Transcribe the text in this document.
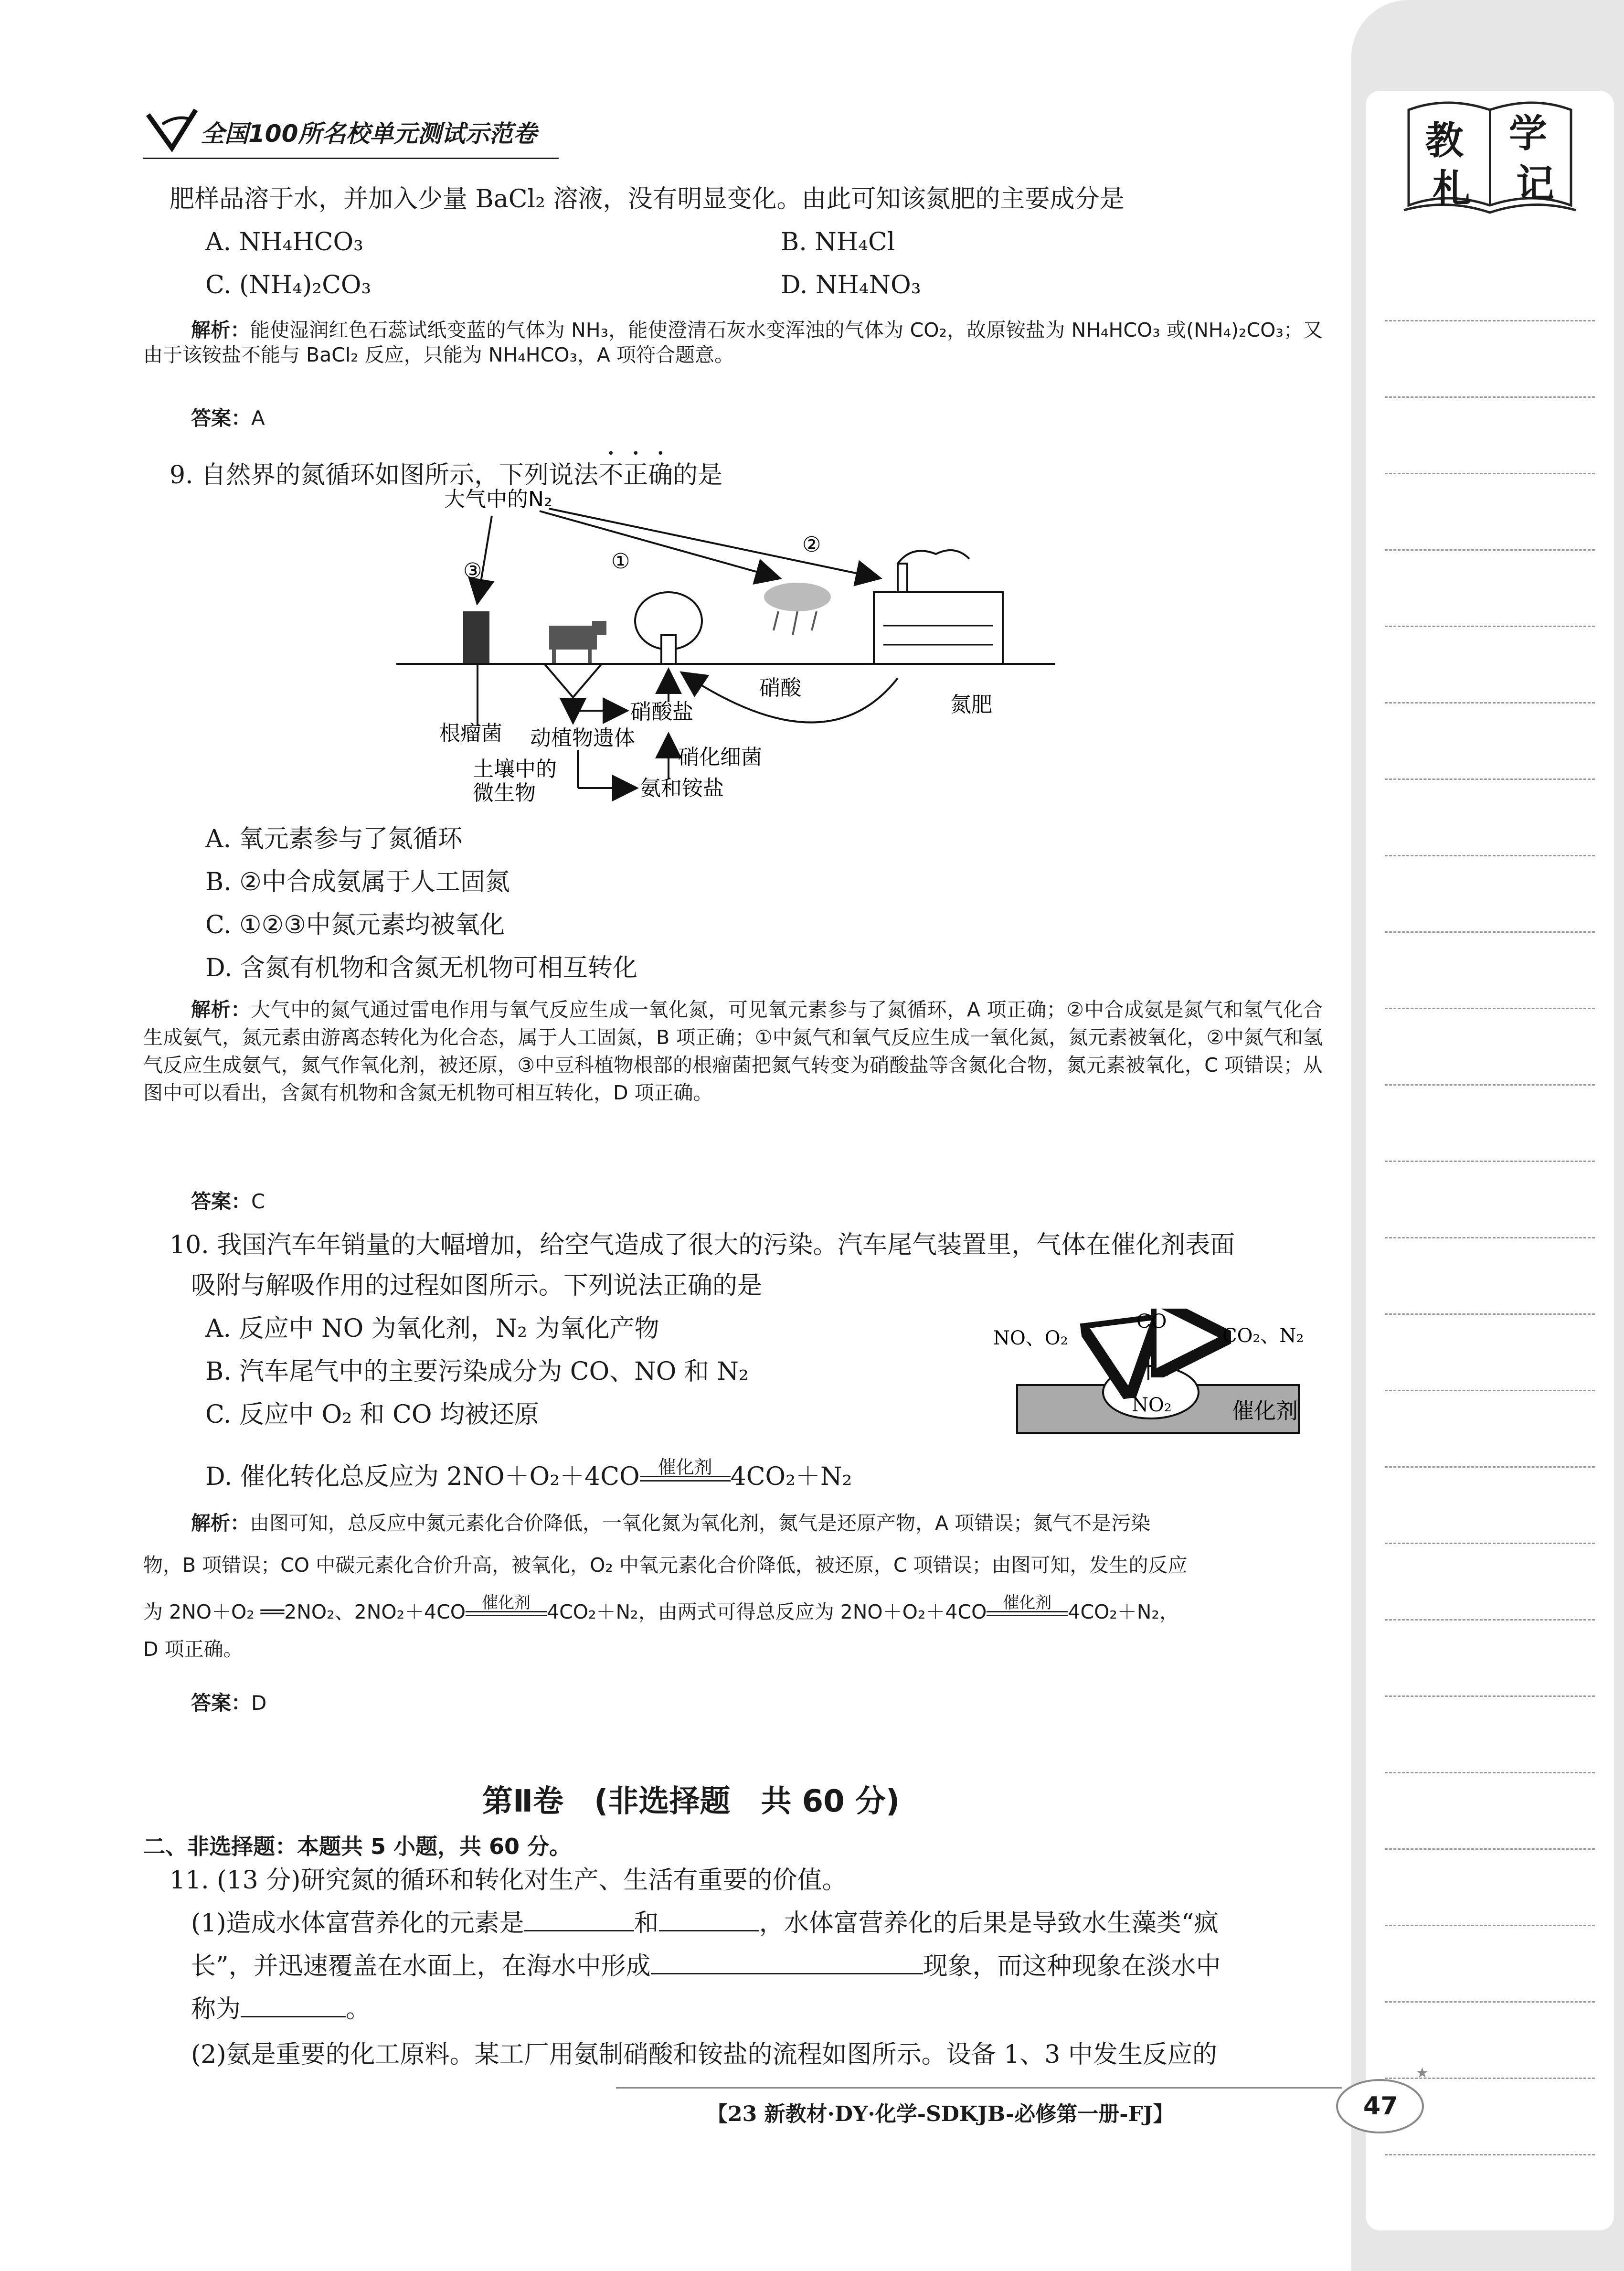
教 学
札 记
全国100所名校单元测试示范卷
肥样品溶于水，并加入少量 BaCl₂ 溶液，没有明显变化。由此可知该氮肥的主要成分是
A. NH₄HCO₃	B. NH₄Cl
C. (NH₄)₂CO₃	D. NH₄NO₃
解析：能使湿润红色石蕊试纸变蓝的气体为 NH₃，能使澄清石灰水变浑浊的气体为 CO₂，故原铵盐为 NH₄HCO₃ 或(NH₄)₂CO₃；又由于该铵盐不能与 BaCl₂ 反应，只能为 NH₄HCO₃，A 项符合题意。
答案：A
9. 自然界的氮循环如图所示，下列说法不正确的是
大气中的N₂
③	①
②
硝酸盐
硝酸
氮肥
根瘤菌 动植物遗体
硝化细菌
土壤中的
微生物	氨和铵盐
A. 氧元素参与了氮循环
B. ②中合成氨属于人工固氮
C. ①②③中氮元素均被氧化
D. 含氮有机物和含氮无机物可相互转化
解析：大气中的氮气通过雷电作用与氧气反应生成一氧化氮，可见氧元素参与了氮循环，A 项正确；②中合成氨是氮气和氢气化合生成氨气，氮元素由游离态转化为化合态，属于人工固氮，B 项正确；①中氮气和氧气反应生成一氧化氮，氮元素被氧化，②中氮气和氢气反应生成氨气，氮气作氧化剂，被还原，③中豆科植物根部的根瘤菌把氮气转变为硝酸盐等含氮化合物，氮元素被氧化，C 项错误；从图中可以看出，含氮有机物和含氮无机物可相互转化，D 项正确。
答案：C
10. 我国汽车年销量的大幅增加，给空气造成了很大的污染。汽车尾气装置里，气体在催化剂表面
吸附与解吸作用的过程如图所示。下列说法正确的是
A. 反应中 NO 为氧化剂，N₂ 为氧化产物
B. 汽车尾气中的主要污染成分为 CO、NO 和 N₂
C. 反应中 O₂ 和 CO 均被还原
D. 催化转化总反应为 2NO＋O₂＋4CO 催化剂 4CO₂＋N₂
NO、O₂
CO
CO₂、N₂
NO₂	催化剂
解析：由图可知，总反应中氮元素化合价降低，一氧化氮为氧化剂，氮气是还原产物，A 项错误；氮气不是污染
物，B 项错误；CO 中碳元素化合价升高，被氧化，O₂ 中氧元素化合价降低，被还原，C 项错误；由图可知，发生的反应
为 2NO＋O₂ ══2NO₂、2NO₂＋4CO	催化剂 4CO₂＋N₂，由两式可得总反应为 2NO＋O₂＋4CO	催化剂 4CO₂＋N₂，
D 项正确。
答案：D
第Ⅱ卷　(非选择题　共 60 分)
二、非选择题：本题共 5 小题，共 60 分。
11. (13 分)研究氮的循环和转化对生产、生活有重要的价值。
(1)造成水体富营养化的元素是	和	，水体富营养化的后果是导致水生藻类“疯
长”，并迅速覆盖在水面上，在海水中形成	现象，而这种现象在淡水中
称为	。
(2)氨是重要的化工原料。某工厂用氨制硝酸和铵盐的流程如图所示。设备 1、3 中发生反应的
【23 新教材·DY·化学-SDKJB-必修第一册-FJ】
★
47
